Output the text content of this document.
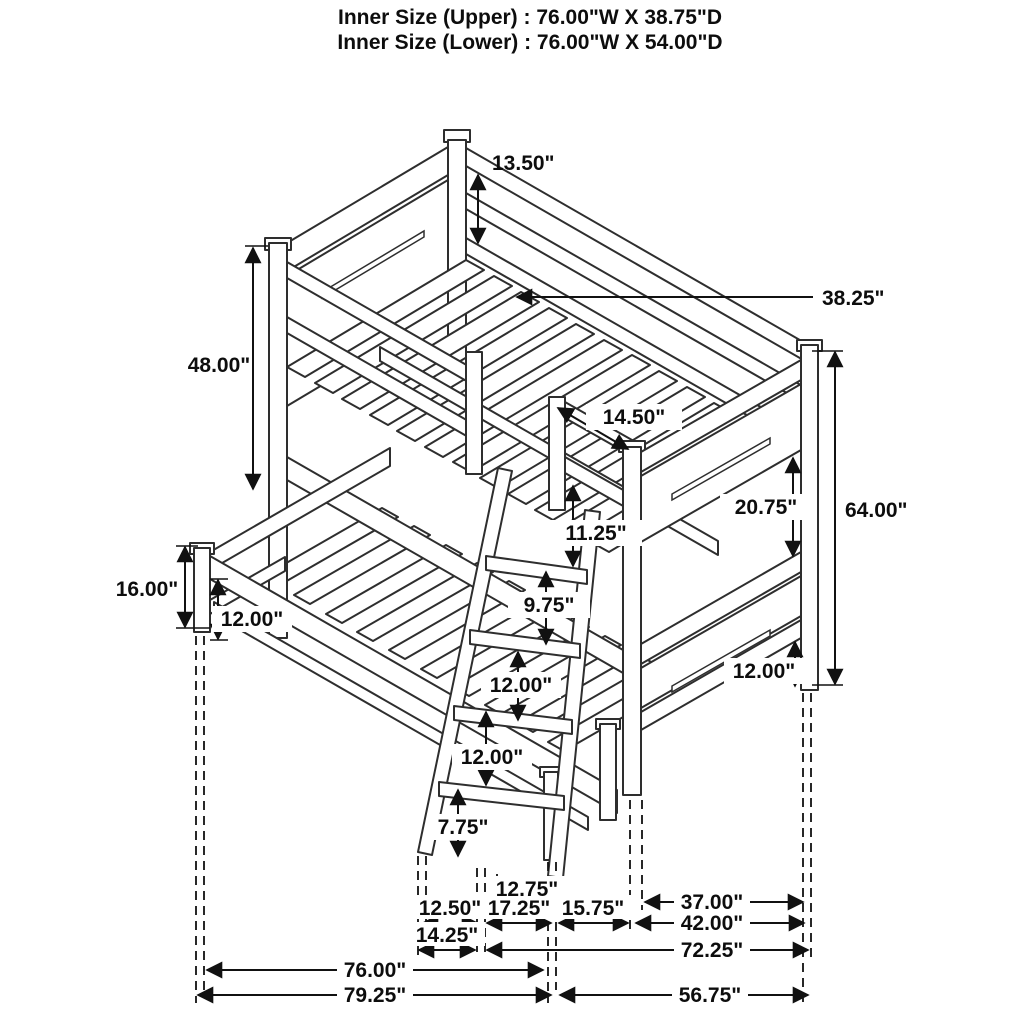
Inner Size (Upper) : 76.00"W X 38.75"D
Inner Size (Lower) : 76.00"W X 54.00"D
13.50"
38.25"
48.00"
14.50"
11.25"
20.75" 64.00"
9.75"
16.00"
12.00"
12.00"
12.00"
7.75"
12.00"
12.75"
12.50" 17.25" 15.75"	37.00"
42.00"
14.25"
72.25"
76.00"
79.25"	56.75"
